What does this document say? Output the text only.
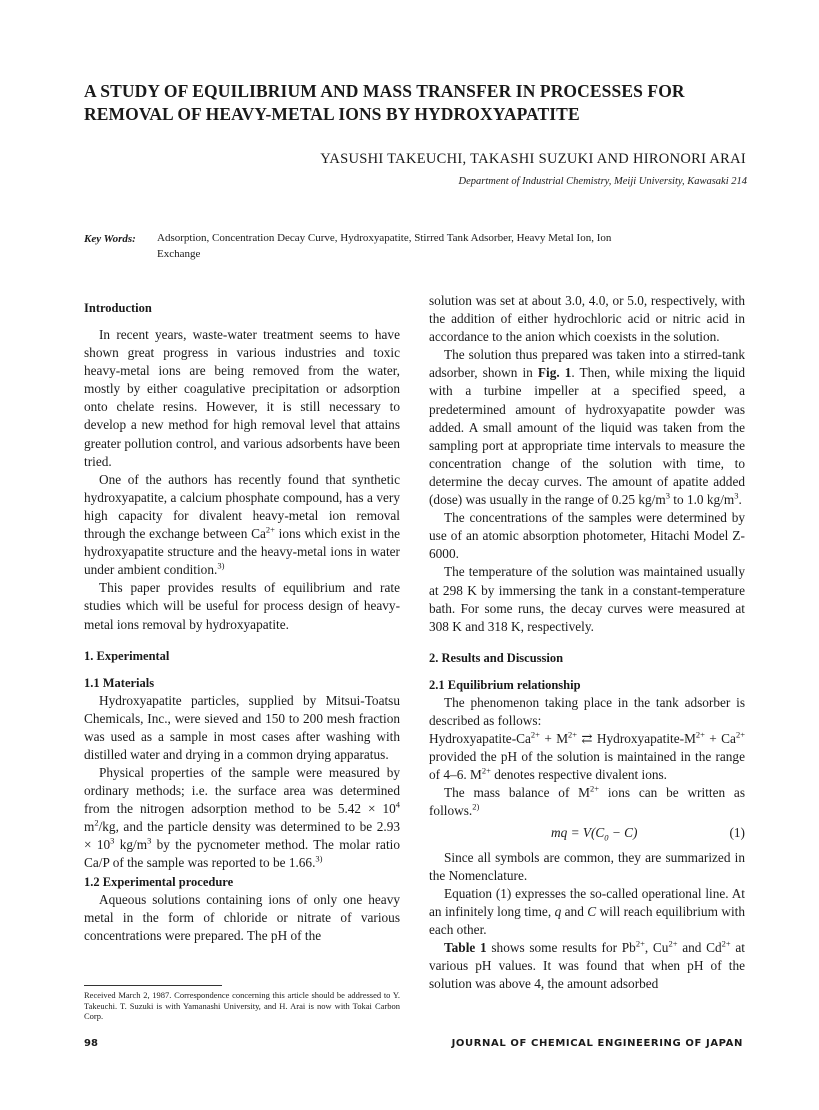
A STUDY OF EQUILIBRIUM AND MASS TRANSFER IN PROCESSES FOR
REMOVAL OF HEAVY-METAL IONS BY HYDROXYAPATITE
YASUSHI TAKEUCHI, TAKASHI SUZUKI AND HIRONORI ARAI
Department of Industrial Chemistry, Meiji University, Kawasaki 214
Key Words: Adsorption, Concentration Decay Curve, Hydroxyapatite, Stirred Tank Adsorber, Heavy Metal Ion, Ion Exchange
Introduction

In recent years, waste-water treatment seems to have shown great progress in various industries and toxic heavy-metal ions are being removed from the water, mostly by either coagulative precipitation or adsorption onto chelate resins. However, it is still necessary to develop a new method for high removal level that attains greater pollution control, and various adsorbents have been tried.

One of the authors has recently found that synthetic hydroxyapatite, a calcium phosphate compound, has a very high capacity for divalent heavy-metal ion removal through the exchange between $Ca^{2+}$ ions which exist in the hydroxyapatite structure and the heavy-metal ions in water under ambient condition.$^{3)}$

This paper provides results of equilibrium and rate studies which will be useful for process design of heavy-metal ions removal by hydroxyapatite.

1. Experimental
1.1 Materials

Hydroxyapatite particles, supplied by Mitsui-Toatsu Chemicals, Inc., were sieved and 150 to 200 mesh fraction was used as a sample in most cases after washing with distilled water and drying in a common drying apparatus.

Physical properties of the sample were measured by ordinary methods; i.e. the surface area was determined from the nitrogen adsorption method to be $5.42 \times 10^4$ $m^2/kg$, and the particle density was determined to be $2.93 \times 10^3$ $kg/m^3$ by the pycnometer method. The molar ratio Ca/P of the sample was reported to be 1.66.$^{3)}$

1.2 Experimental procedure

Aqueous solutions containing ions of only one heavy metal in the form of chloride or nitrate of various concentrations were prepared. The pH of the

solution was set at about 3.0, 4.0, or 5.0, respectively, with the addition of either hydrochloric acid or nitric acid in accordance to the anion which coexists in the solution.

The solution thus prepared was taken into a stirred-tank adsorber, shown in Fig. 1. Then, while mixing the liquid with a turbine impeller at a specified speed, a predetermined amount of hydroxyapatite powder was added. A small amount of the liquid was taken from the sampling port at appropriate time intervals to measure the concentration change of the solution with time, to determine the decay curves. The amount of apatite added (dose) was usually in the range of 0.25 $kg/m^3$ to 1.0 $kg/m^3$.

The concentrations of the samples were determined by use of an atomic absorption photometer, Hitachi Model Z-6000.

The temperature of the solution was maintained usually at 298 K by immersing the tank in a constant-temperature bath. For some runs, the decay curves were measured at 308 K and 318 K, respectively.

2. Results and Discussion
2.1 Equilibrium relationship

The phenomenon taking place in the tank adsorber is described as follows:

Hydroxyapatite-$Ca^{2+} + M^{2+}$ ⇄ Hydroxyapatite-$M^{2+} + Ca^{2+}$ provided the pH of the solution is maintained in the range of 4–6. $M^{2+}$ denotes respective divalent ions.

The mass balance of $M^{2+}$ ions can be written as follows.$^{2)}$

mq = $V(C_0 - C)$	(1)

Since all symbols are common, they are summarized in the Nomenclature.

Equation (1) expresses the so-called operational line. At an infinitely long time, q and C will reach equilibrium with each other.

Table 1 shows some results for $Pb^{2+}$, $Cu^{2+}$ and $Cd^{2+}$ at various pH values. It was found that when pH of the solution was above 4, the amount adsorbed

Received March 2, 1987. Correspondence concerning this article should be addressed to Y. Takeuchi. T. Suzuki is with Yamanashi University, and H. Arai is now with Tokai Carbon Corp.
98	JOURNAL OF CHEMICAL ENGINEERING OF JAPAN
